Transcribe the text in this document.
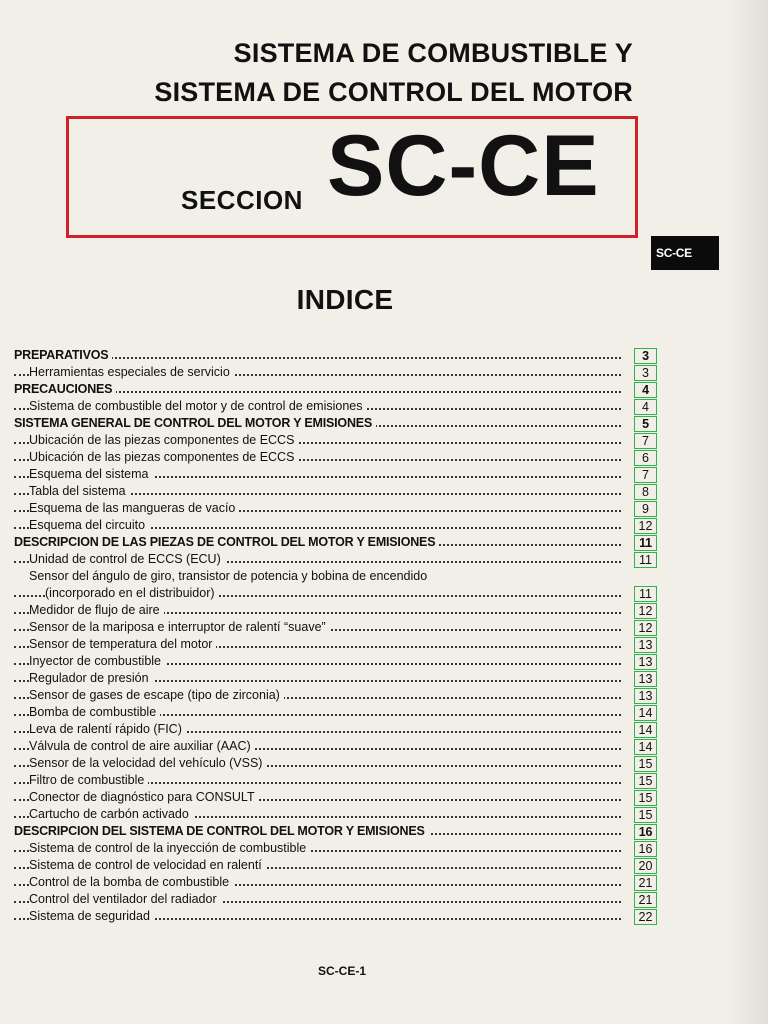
SISTEMA DE COMBUSTIBLE Y
SISTEMA DE CONTROL DEL MOTOR
SECCION SC-CE
SC-CE
INDICE
PREPARATIVOS	3
Herramientas especiales de servicio	3
PRECAUCIONES	4
Sistema de combustible del motor y de control de emisiones	4
SISTEMA GENERAL DE CONTROL DEL MOTOR Y EMISIONES	5
Ubicación de las piezas componentes de ECCS	7
Ubicación de las piezas componentes de ECCS	6
Esquema del sistema	7
Tabla del sistema	8
Esquema de las mangueras de vacío	9
Esquema del circuito	12
DESCRIPCION DE LAS PIEZAS DE CONTROL DEL MOTOR Y EMISIONES	11
Unidad de control de ECCS (ECU)	11
Sensor del ángulo de giro, transistor de potencia y bobina de encendido
(incorporado en el distribuidor)	11
Medidor de flujo de aire	12
Sensor de la mariposa e interruptor de ralentí “suave”	12
Sensor de temperatura del motor	13
Inyector de combustible	13
Regulador de presión	13
Sensor de gases de escape (tipo de zirconia)	13
Bomba de combustible	14
Leva de ralentí rápido (FIC)	14
Válvula de control de aire auxiliar (AAC)	14
Sensor de la velocidad del vehículo (VSS)	15
Filtro de combustible	15
Conector de diagnóstico para CONSULT	15
Cartucho de carbón activado	15
DESCRIPCION DEL SISTEMA DE CONTROL DEL MOTOR Y EMISIONES	16
Sistema de control de la inyección de combustible	16
Sistema de control de velocidad en ralentí	20
Control de la bomba de combustible	21
Control del ventilador del radiador	21
Sistema de seguridad	22
SC-CE-1
